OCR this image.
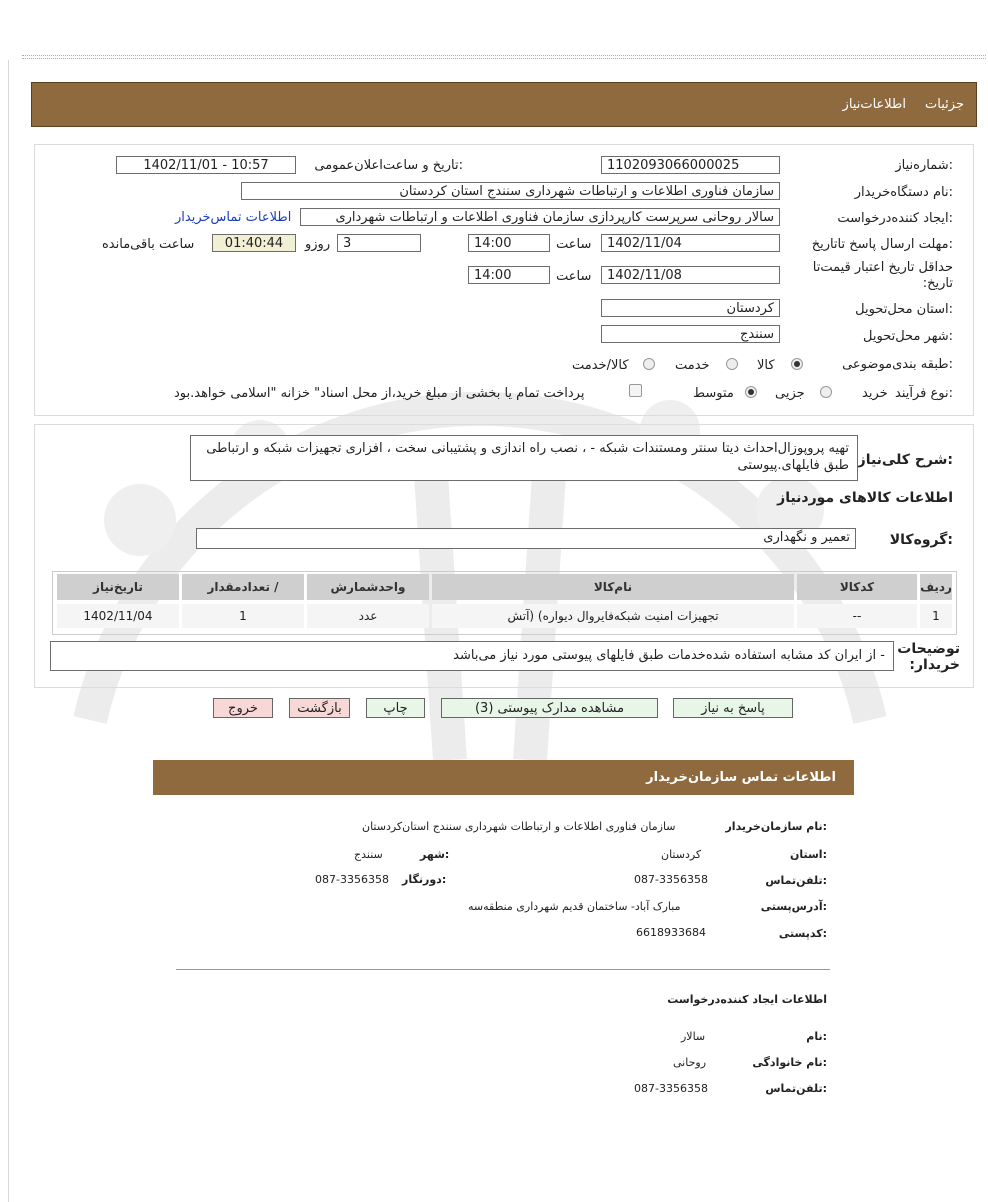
جزئیات
اطلاعات‌نیاز
شماره‌نیاز:
1102093066000025
تاریخ و ساعت‌اعلان‌عمومی:
1402/11/01 - 10:57
نام دستگاه‌خریدار:
سازمان فناوری اطلاعات و ارتباطات شهرداری سنندج استان کردستان
ایجاد کننده‌درخواست:
سالار روحانی سرپرست کارپردازی سازمان فناوری اطلاعات و ارتباطات شهرداری
اطلاعات تماس‌خریدار
مهلت ارسال پاسخ تا‌تاریخ:
1402/11/04
ساعت
14:00
3
روزو
01:40:44
ساعت باقی‌مانده
حداقل تاریخ اعتبار قیمت‌تا تاریخ:
1402/11/08
ساعت
14:00
استان محل‌تحویل:
کردستان
شهر محل‌تحویل:
سنندج
طبقه بندی‌موضوعی:
کالا
خدمت
کالا/خدمت
نوع فرآیند:
خرید
جزیی
متوسط
پرداخت تمام یا بخشی از مبلغ خرید،از محل اسناد" خزانه "اسلامی خواهد.بود
شرح کلی‌نیاز:
تهیه پروپوزال‌احداث دیتا سنتر ومستندات شبکه - ، نصب راه اندازی و پشتیبانی سخت ، افزاری تجهیزات شبکه و ارتباطی طبق فایلهای.پیوستی
اطلاعات کالاهای موردنیاز
گروه‌کالا:
تعمیر و نگهداری
ردیف
کدکالا
نام‌کالا
واحدشمارش
تعداد‌مقدار /
تاریخ‌نیاز
1
--
تجهیزات امنیت شبکه‌فایروال دیواره) (آتش
عدد
1
1402/11/04
توضیحات خریدار:
- از ایران کد مشابه استفاده شده‌خدمات طبق فایلهای پیوستی مورد نیاز می‌باشد
پاسخ به نیاز
مشاهده مدارک پیوستی (3)
چاپ
بازگشت
خروج
اطلاعات تماس سازمان‌خریدار
نام سازمان‌خریدار:
سازمان فناوری اطلاعات و ارتباطات شهرداری سنندج استان‌کردستان
استان:
کردستان
شهر:
سنندج
تلفن‌تماس:
087-3356358
دورنگار:
087-3356358
آدرس‌پستی:
مبارک آباد- ساختمان قدیم شهرداری منطقه‌سه
کد‌پستی:
6618933684
اطلاعات ایجاد کننده‌درخواست
نام:
سالار
نام خانوادگی:
روحانی
تلفن‌تماس:
087-3356358
